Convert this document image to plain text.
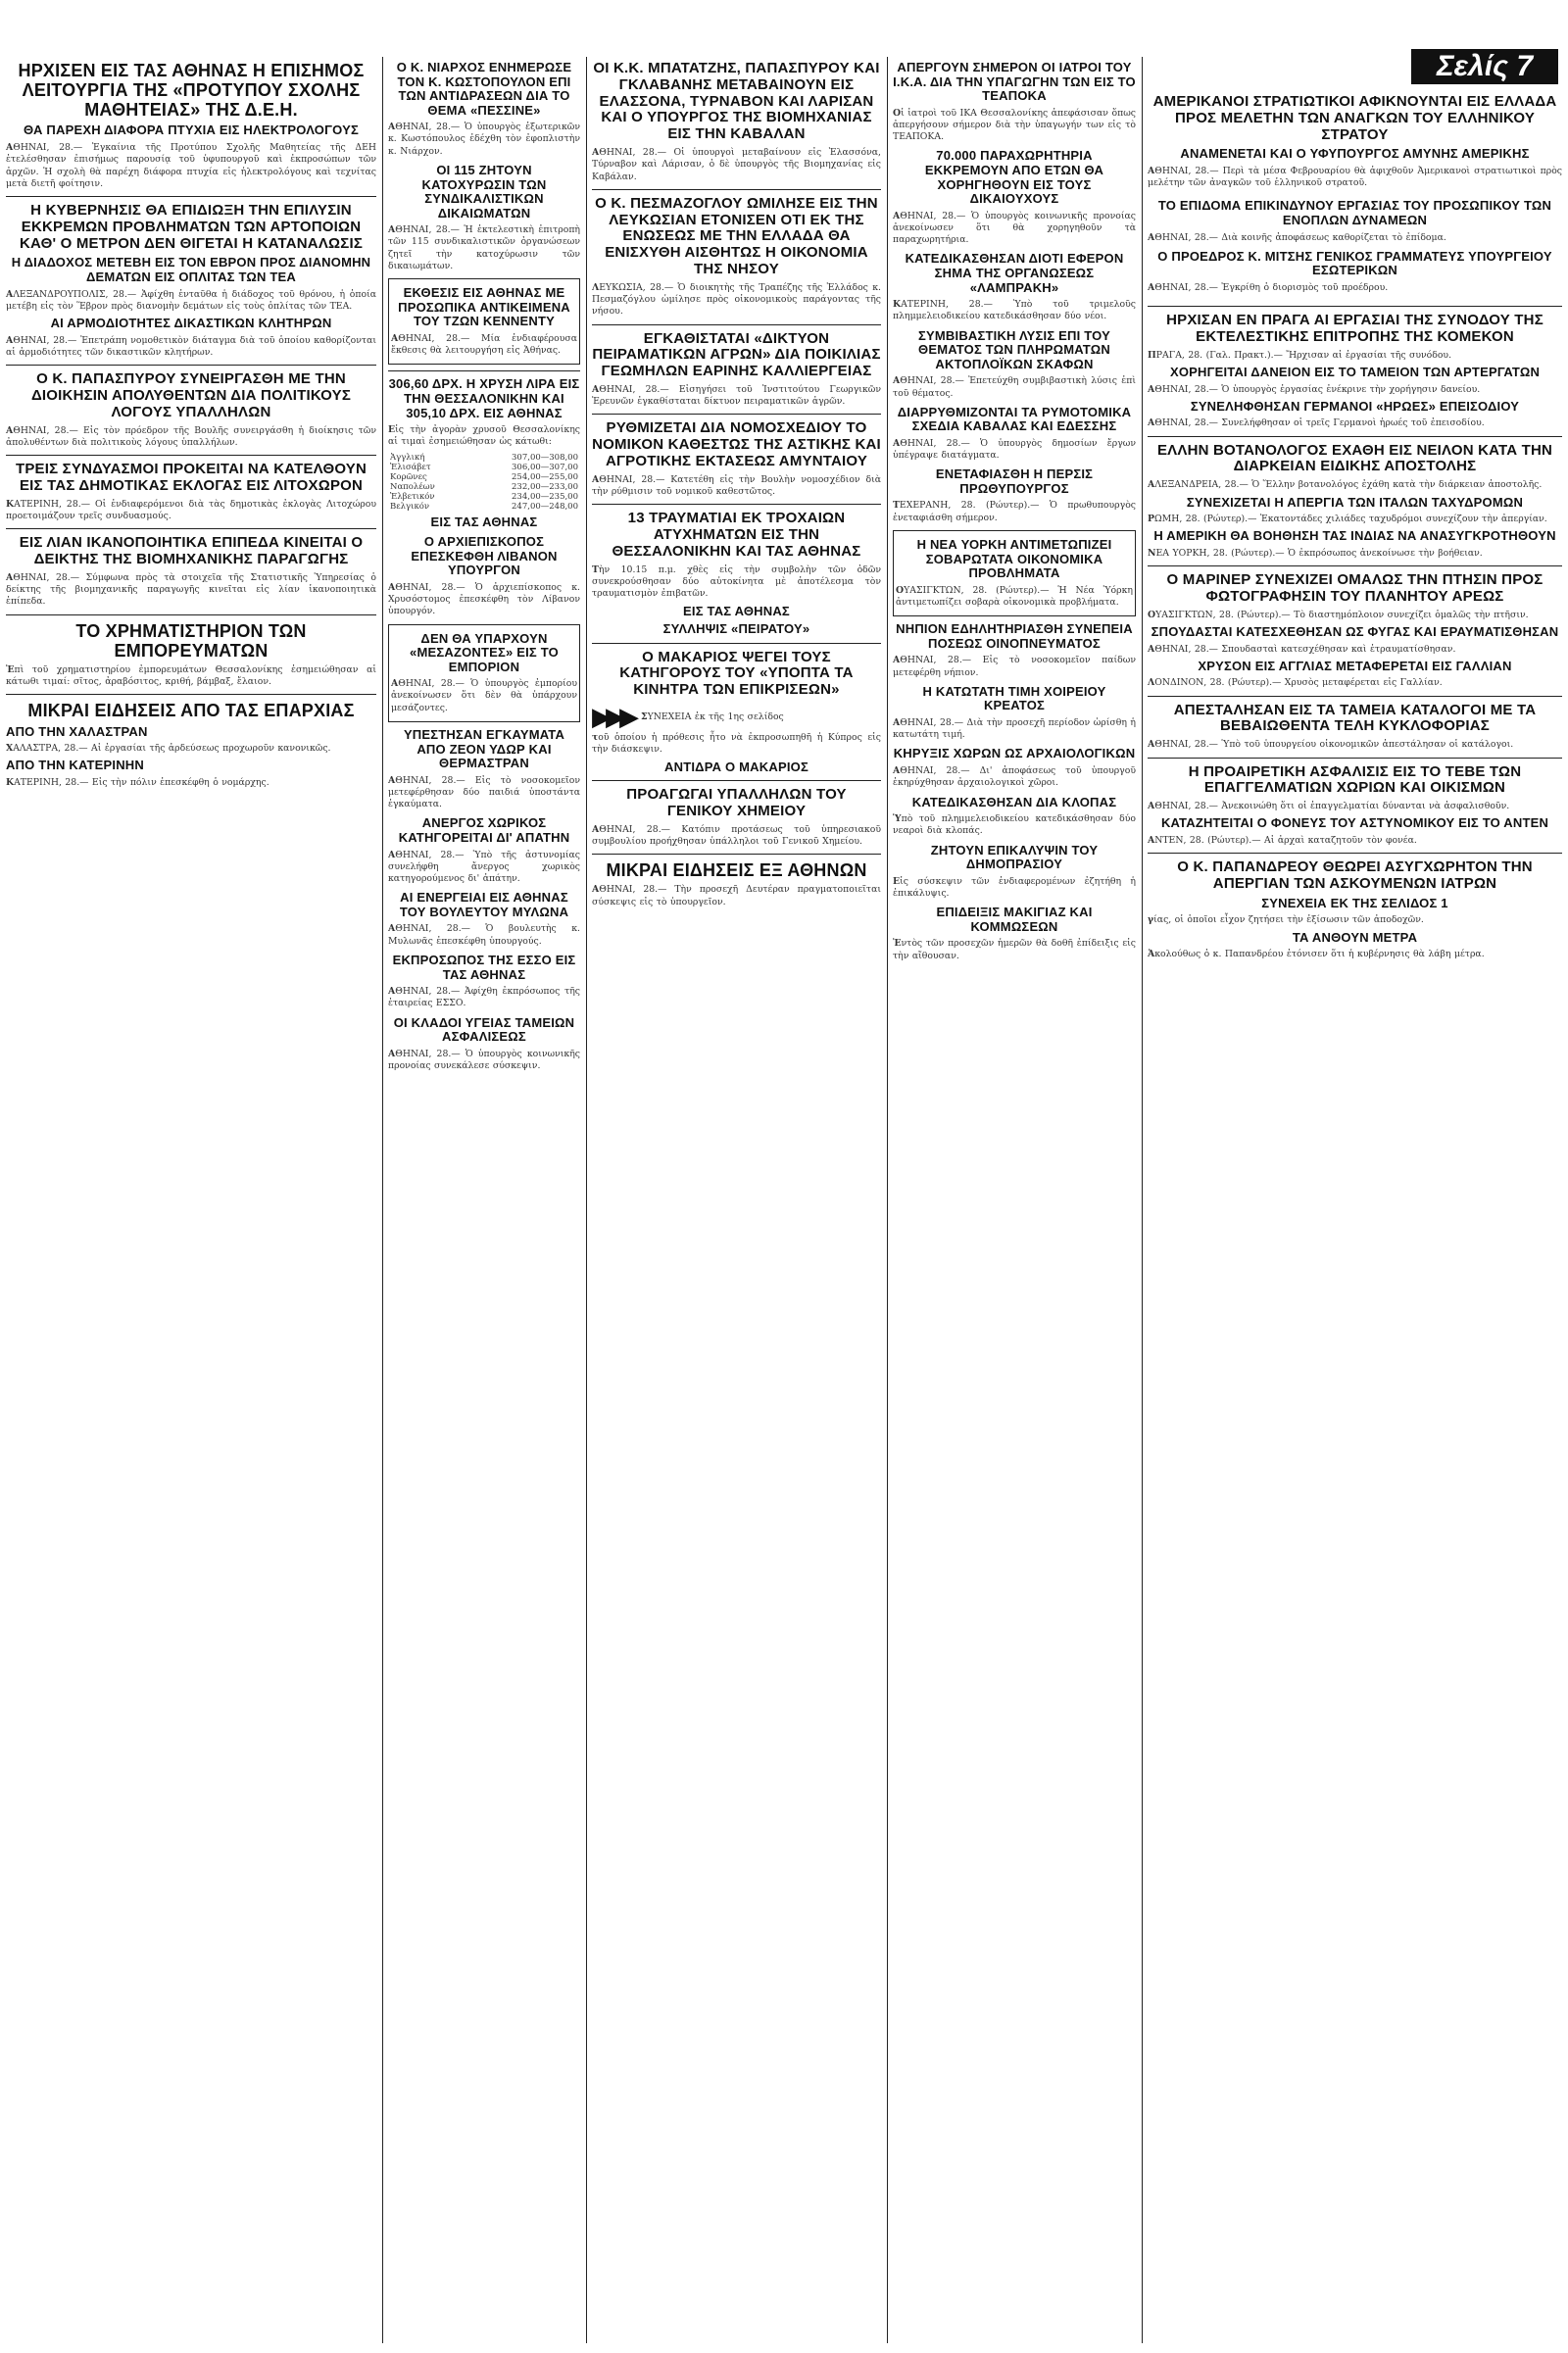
Σελίς 7
ΗΡΧΙΣΕΝ ΕΙΣ ΤΑΣ ΑΘΗΝΑΣ Η ΕΠΙΣΗΜΟΣ ΛΕΙΤΟΥΡΓΙΑ ΤΗΣ «ΠΡΟΤΥΠΟΥ ΣΧΟΛΗΣ ΜΑΘΗΤΕΙΑΣ» ΤΗΣ Δ.Ε.Η.
ΘΑ ΠΑΡΕΧΗ ΔΙΑΦΟΡΑ ΠΤΥΧΙΑ ΕΙΣ ΗΛΕΚΤΡΟΛΟΓΟΥΣ

ΑΘΗΝΑΙ, 28.— Ἐγκαίνια τῆς Προτύπου Σχολῆς Μαθητείας τῆς ΔΕΗ ἐτελέσθησαν ἐπισήμως παρουσίᾳ τοῦ ὑφυπουργοῦ καὶ ἐκπροσώπων τῶν ἀρχῶν. Ἡ σχολὴ θὰ παρέχη διάφορα πτυχία εἰς ἠλεκτρολόγους καὶ τεχνίτας μετὰ διετῆ φοίτησιν.

Η ΚΥΒΕΡΝΗΣΙΣ ΘΑ ΕΠΙΔΙΩΞΗ ΤΗΝ ΕΠΙΛΥΣΙΝ ΕΚΚΡΕΜΩΝ ΠΡΟΒΛΗΜΑΤΩΝ ΤΩΝ ΑΡΤΟΠΟΙΩΝ ΚΑΘ' Ο ΜΕΤΡΟΝ ΔΕΝ ΘΙΓΕΤΑΙ Η ΚΑΤΑΝΑΛΩΣΙΣ
Η ΔΙΑΔΟΧΟΣ ΜΕΤΕΒΗ ΕΙΣ ΤΟΝ ΕΒΡΟΝ ΠΡΟΣ ΔΙΑΝΟΜΗΝ ΔΕΜΑΤΩΝ ΕΙΣ ΟΠΛΙΤΑΣ ΤΩΝ ΤΕΑ

ΑΛΕΞΑΝΔΡΟΥΠΟΛΙΣ, 28.— Ἀφίχθη ἐνταῦθα ἡ διάδοχος τοῦ θρόνου, ἡ ὁποία μετέβη εἰς τὸν Ἕβρον πρὸς διανομὴν δεμάτων εἰς τοὺς ὁπλίτας τῶν ΤΕΑ.

ΑΙ ΑΡΜΟΔΙΟΤΗΤΕΣ ΔΙΚΑΣΤΙΚΩΝ ΚΛΗΤΗΡΩΝ

ΑΘΗΝΑΙ, 28.— Ἐπετράπη νομοθετικὸν διάταγμα διὰ τοῦ ὁποίου καθορίζονται αἱ ἁρμοδιότητες τῶν δικαστικῶν κλητήρων.

Ο Κ. ΠΑΠΑΣΠΥΡΟΥ ΣΥΝΕΙΡΓΑΣΘΗ ΜΕ ΤΗΝ ΔΙΟΙΚΗΣΙΝ ΑΠΟΛΥΘΕΝΤΩΝ ΔΙΑ ΠΟΛΙΤΙΚΟΥΣ ΛΟΓΟΥΣ ΥΠΑΛΛΗΛΩΝ

ΑΘΗΝΑΙ, 28.— Εἰς τὸν πρόεδρον τῆς Βουλῆς συνειργάσθη ἡ διοίκησις τῶν ἀπολυθέντων διὰ πολιτικοὺς λόγους ὑπαλλήλων.

ΤΡΕΙΣ ΣΥΝΔΥΑΣΜΟΙ ΠΡΟΚΕΙΤΑΙ ΝΑ ΚΑΤΕΛΘΟΥΝ ΕΙΣ ΤΑΣ ΔΗΜΟΤΙΚΑΣ ΕΚΛΟΓΑΣ ΕΙΣ ΛΙΤΟΧΩΡΟΝ

ΚΑΤΕΡΙΝΗ, 28.— Οἱ ἐνδιαφερόμενοι διὰ τὰς δημοτικὰς ἐκλογὰς Λιτοχώρου προετοιμάζουν τρεῖς συνδυασμούς.

ΕΙΣ ΛΙΑΝ ΙΚΑΝΟΠΟΙΗΤΙΚΑ ΕΠΙΠΕΔΑ ΚΙΝΕΙΤΑΙ Ο ΔΕΙΚΤΗΣ ΤΗΣ ΒΙΟΜΗΧΑΝΙΚΗΣ ΠΑΡΑΓΩΓΗΣ

ΑΘΗΝΑΙ, 28.— Σύμφωνα πρὸς τὰ στοιχεῖα τῆς Στατιστικῆς Ὑπηρεσίας ὁ δείκτης τῆς βιομηχανικῆς παραγωγῆς κινεῖται εἰς λίαν ἱκανοποιητικὰ ἐπίπεδα.

ΤΟ ΧΡΗΜΑΤΙΣΤΗΡΙΟΝ ΤΩΝ ΕΜΠΟΡΕΥΜΑΤΩΝ

Ἐπὶ τοῦ χρηματιστηρίου ἐμπορευμάτων Θεσσαλονίκης ἐσημειώθησαν αἱ κάτωθι τιμαί: σῖτος, ἀραβόσιτος, κριθή, βάμβαξ, ἔλαιον.

ΜΙΚΡΑΙ ΕΙΔΗΣΕΙΣ ΑΠΟ ΤΑΣ ΕΠΑΡΧΙΑΣ
ΑΠΟ ΤΗΝ ΧΑΛΑΣΤΡΑΝ

ΧΑΛΑΣΤΡΑ, 28.— Αἱ ἐργασίαι τῆς ἀρδεύσεως προχωροῦν κανονικῶς.

ΑΠΟ ΤΗΝ ΚΑΤΕΡΙΝΗΝ

ΚΑΤΕΡΙΝΗ, 28.— Εἰς τὴν πόλιν ἐπεσκέφθη ὁ νομάρχης.

Ο Κ. ΝΙΑΡΧΟΣ ΕΝΗΜΕΡΩΣΕ ΤΟΝ Κ. ΚΩΣΤΟΠΟΥΛΟΝ ΕΠΙ ΤΩΝ ΑΝΤΙΔΡΑΣΕΩΝ ΔΙΑ ΤΟ ΘΕΜΑ «ΠΕΣΣΙΝΕ»

ΑΘΗΝΑΙ, 28.— Ὁ ὑπουργὸς ἐξωτερικῶν κ. Κωστόπουλος ἐδέχθη τὸν ἐφοπλιστὴν κ. Νιάρχον.

ΟΙ 115 ΖΗΤΟΥΝ ΚΑΤΟΧΥΡΩΣΙΝ ΤΩΝ ΣΥΝΔΙΚΑΛΙΣΤΙΚΩΝ ΔΙΚΑΙΩΜΑΤΩΝ

ΑΘΗΝΑΙ, 28.— Ἡ ἐκτελεστικὴ ἐπιτροπὴ τῶν 115 συνδικαλιστικῶν ὀργανώσεων ζητεῖ τὴν κατοχύρωσιν τῶν δικαιωμάτων.

ΕΚΘΕΣΙΣ ΕΙΣ ΑΘΗΝΑΣ ΜΕ ΠΡΟΣΩΠΙΚΑ ΑΝΤΙΚΕΙΜΕΝΑ ΤΟΥ ΤΖΩΝ ΚΕΝΝΕΝΤΥ

ΑΘΗΝΑΙ, 28.— Μία ἐνδιαφέρουσα ἔκθεσις θὰ λειτουργήση εἰς Ἀθήνας.

306,60 ΔΡΧ. Η ΧΡΥΣΗ ΛΙΡΑ ΕΙΣ ΤΗΝ ΘΕΣΣΑΛΟΝΙΚΗΝ ΚΑΙ 305,10 ΔΡΧ. ΕΙΣ ΑΘΗΝΑΣ

Εἰς τὴν ἀγορὰν χρυσοῦ Θεσσαλονίκης αἱ τιμαὶ ἐσημειώθησαν ὡς κάτωθι:

Ἀγγλική	307,00—308,00
Ἐλισάβετ	306,00—307,00
Κορῶνες	254,00—255,00
Ναπολέων	232,00—233,00
Ἐλβετικόν	234,00—235,00
Βελγικόν	247,00—248,00
ΕΙΣ ΤΑΣ ΑΘΗΝΑΣ
Ο ΑΡΧΙΕΠΙΣΚΟΠΟΣ ΕΠΕΣΚΕΦΘΗ ΛΙΒΑΝΟΝ ΥΠΟΥΡΓΟΝ

ΑΘΗΝΑΙ, 28.— Ὁ ἀρχιεπίσκοπος κ. Χρυσόστομος ἐπεσκέφθη τὸν Λίβανον ὑπουργόν.

ΔΕΝ ΘΑ ΥΠΑΡΧΟΥΝ «ΜΕΣΑΖΟΝΤΕΣ» ΕΙΣ ΤΟ ΕΜΠΟΡΙΟΝ

ΑΘΗΝΑΙ, 28.— Ὁ ὑπουργὸς ἐμπορίου ἀνεκοίνωσεν ὅτι δὲν θὰ ὑπάρχουν μεσάζοντες.

ΥΠΕΣΤΗΣΑΝ ΕΓΚΑΥΜΑΤΑ ΑΠΟ ΖΕΟΝ ΥΔΩΡ ΚΑΙ ΘΕΡΜΑΣΤΡΑΝ

ΑΘΗΝΑΙ, 28.— Εἰς τὸ νοσοκομεῖον μετεφέρθησαν δύο παιδιά ὑποστάντα ἐγκαύματα.

ΑΝΕΡΓΟΣ ΧΩΡΙΚΟΣ ΚΑΤΗΓΟΡΕΙΤΑΙ ΔΙ' ΑΠΑΤΗΝ

ΑΘΗΝΑΙ, 28.— Ὑπὸ τῆς ἀστυνομίας συνελήφθη ἄνεργος χωρικὸς κατηγορούμενος δι' ἀπάτην.

ΑΙ ΕΝΕΡΓΕΙΑΙ ΕΙΣ ΑΘΗΝΑΣ ΤΟΥ ΒΟΥΛΕΥΤΟΥ ΜΥΛΩΝΑ

ΑΘΗΝΑΙ, 28.— Ὁ βουλευτὴς κ. Μυλωνᾶς ἐπεσκέφθη ὑπουργούς.

ΕΚΠΡΟΣΩΠΟΣ ΤΗΣ ΕΣΣΟ ΕΙΣ ΤΑΣ ΑΘΗΝΑΣ

ΑΘΗΝΑΙ, 28.— Ἀφίχθη ἐκπρόσωπος τῆς ἑταιρείας ΕΣΣΟ.

ΟΙ ΚΛΑΔΟΙ ΥΓΕΙΑΣ ΤΑΜΕΙΩΝ ΑΣΦΑΛΙΣΕΩΣ

ΑΘΗΝΑΙ, 28.— Ὁ ὑπουργὸς κοινωνικῆς προνοίας συνεκάλεσε σύσκεψιν.

ΟΙ Κ.Κ. ΜΠΑΤΑΤΖΗΣ, ΠΑΠΑΣΠΥΡΟΥ ΚΑΙ ΓΚΛΑΒΑΝΗΣ ΜΕΤΑΒΑΙΝΟΥΝ ΕΙΣ ΕΛΑΣΣΟΝΑ, ΤΥΡΝΑΒΟΝ ΚΑΙ ΛΑΡΙΣΑΝ ΚΑΙ Ο ΥΠΟΥΡΓΟΣ ΤΗΣ ΒΙΟΜΗΧΑΝΙΑΣ ΕΙΣ ΤΗΝ ΚΑΒΑΛΑΝ

ΑΘΗΝΑΙ, 28.— Οἱ ὑπουργοὶ μεταβαίνουν εἰς Ἐλασσόνα, Τύρναβον καὶ Λάρισαν, ὁ δὲ ὑπουργὸς τῆς Βιομηχανίας εἰς Καβάλαν.

Ο Κ. ΠΕΣΜΑΖΟΓΛΟΥ ΩΜΙΛΗΣΕ ΕΙΣ ΤΗΝ ΛΕΥΚΩΣΙΑΝ ΕΤΟΝΙΣΕΝ ΟΤΙ ΕΚ ΤΗΣ ΕΝΩΣΕΩΣ ΜΕ ΤΗΝ ΕΛΛΑΔΑ ΘΑ ΕΝΙΣΧΥΘΗ ΑΙΣΘΗΤΩΣ Η ΟΙΚΟΝΟΜΙΑ ΤΗΣ ΝΗΣΟΥ

ΛΕΥΚΩΣΙΑ, 28.— Ὁ διοικητὴς τῆς Τραπέζης τῆς Ἑλλάδος κ. Πεσμαζόγλου ὡμίλησε πρὸς οἰκονομικοὺς παράγοντας τῆς νήσου.

ΕΓΚΑΘΙΣΤΑΤΑΙ «ΔΙΚΤΥΟΝ ΠΕΙΡΑΜΑΤΙΚΩΝ ΑΓΡΩΝ» ΔΙΑ ΠΟΙΚΙΛΙΑΣ ΓΕΩΜΗΛΩΝ ΕΑΡΙΝΗΣ ΚΑΛΛΙΕΡΓΕΙΑΣ

ΑΘΗΝΑΙ, 28.— Εἰσηγήσει τοῦ Ἰνστιτούτου Γεωργικῶν Ἐρευνῶν ἐγκαθίσταται δίκτυον πειραματικῶν ἀγρῶν.

ΡΥΘΜΙΖΕΤΑΙ ΔΙΑ ΝΟΜΟΣΧΕΔΙΟΥ ΤΟ ΝΟΜΙΚΟΝ ΚΑΘΕΣΤΩΣ ΤΗΣ ΑΣΤΙΚΗΣ ΚΑΙ ΑΓΡΟΤΙΚΗΣ ΕΚΤΑΣΕΩΣ ΑΜΥΝΤΑΙΟΥ

ΑΘΗΝΑΙ, 28.— Κατετέθη εἰς τὴν Βουλὴν νομοσχέδιον διὰ τὴν ρύθμισιν τοῦ νομικοῦ καθεστῶτος.

13 ΤΡΑΥΜΑΤΙΑΙ ΕΚ ΤΡΟΧΑΙΩΝ ΑΤΥΧΗΜΑΤΩΝ ΕΙΣ ΤΗΝ ΘΕΣΣΑΛΟΝΙΚΗΝ ΚΑΙ ΤΑΣ ΑΘΗΝΑΣ

Τὴν 10.15 π.μ. χθὲς εἰς τὴν συμβολὴν τῶν ὁδῶν συνεκρούσθησαν δύο αὐτοκίνητα μὲ ἀποτέλεσμα τὸν τραυματισμὸν ἐπιβατῶν.

ΕΙΣ ΤΑΣ ΑΘΗΝΑΣ
ΣΥΛΛΗΨΙΣ «ΠΕΙΡΑΤΟΥ»
Ο ΜΑΚΑΡΙΟΣ ΨΕΓΕΙ ΤΟΥΣ ΚΑΤΗΓΟΡΟΥΣ ΤΟΥ «ΥΠΟΠΤΑ ΤΑ ΚΙΝΗΤΡΑ ΤΩΝ ΕΠΙΚΡΙΣΕΩΝ»
▶▶▶ ΣΥΝΕΧΕΙΑ ἐκ τῆς 1ης σελίδος

τοῦ ὁποίου ἡ πρόθεσις ἦτο νὰ ἐκπροσωπηθῆ ἡ Κύπρος εἰς τὴν διάσκεψιν.

ΑΝΤΙΔΡΑ Ο ΜΑΚΑΡΙΟΣ
ΠΡΟΑΓΩΓΑΙ ΥΠΑΛΛΗΛΩΝ ΤΟΥ ΓΕΝΙΚΟΥ ΧΗΜΕΙΟΥ

ΑΘΗΝΑΙ, 28.— Κατόπιν προτάσεως τοῦ ὑπηρεσιακοῦ συμβουλίου προήχθησαν ὑπάλληλοι τοῦ Γενικοῦ Χημείου.

ΜΙΚΡΑΙ ΕΙΔΗΣΕΙΣ ΕΞ ΑΘΗΝΩΝ

ΑΘΗΝΑΙ, 28.— Τὴν προσεχῆ Δευτέραν πραγματοποιεῖται σύσκεψις εἰς τὸ ὑπουργεῖον.

ΑΠΕΡΓΟΥΝ ΣΗΜΕΡΟΝ ΟΙ ΙΑΤΡΟΙ ΤΟΥ Ι.Κ.Α. ΔΙΑ ΤΗΝ ΥΠΑΓΩΓΗΝ ΤΩΝ ΕΙΣ ΤΟ ΤΕΑΠΟΚΑ

Οἱ ἰατροὶ τοῦ ΙΚΑ Θεσσαλονίκης ἀπεφάσισαν ὅπως ἀπεργήσουν σήμερον διὰ τὴν ὑπαγωγήν των εἰς τὸ ΤΕΑΠΟΚΑ.

70.000 ΠΑΡΑΧΩΡΗΤΗΡΙΑ ΕΚΚΡΕΜΟΥΝ ΑΠΟ ΕΤΩΝ ΘΑ ΧΟΡΗΓΗΘΟΥΝ ΕΙΣ ΤΟΥΣ ΔΙΚΑΙΟΥΧΟΥΣ

ΑΘΗΝΑΙ, 28.— Ὁ ὑπουργὸς κοινωνικῆς προνοίας ἀνεκοίνωσεν ὅτι θὰ χορηγηθοῦν τὰ παραχωρητήρια.

ΚΑΤΕΔΙΚΑΣΘΗΣΑΝ ΔΙΟΤΙ ΕΦΕΡΟΝ ΣΗΜΑ ΤΗΣ ΟΡΓΑΝΩΣΕΩΣ «ΛΑΜΠΡΑΚΗ»

ΚΑΤΕΡΙΝΗ, 28.— Ὑπὸ τοῦ τριμελοῦς πλημμελειοδικείου κατεδικάσθησαν δύο νέοι.

ΣΥΜΒΙΒΑΣΤΙΚΗ ΛΥΣΙΣ ΕΠΙ ΤΟΥ ΘΕΜΑΤΟΣ ΤΩΝ ΠΛΗΡΩΜΑΤΩΝ ΑΚΤΟΠΛΟΪΚΩΝ ΣΚΑΦΩΝ

ΑΘΗΝΑΙ, 28.— Ἐπετεύχθη συμβιβαστικὴ λύσις ἐπὶ τοῦ θέματος.

ΔΙΑΡΡΥΘΜΙΖΟΝΤΑΙ ΤΑ ΡΥΜΟΤΟΜΙΚΑ ΣΧΕΔΙΑ ΚΑΒΑΛΑΣ ΚΑΙ ΕΔΕΣΣΗΣ

ΑΘΗΝΑΙ, 28.— Ὁ ὑπουργὸς δημοσίων ἔργων ὑπέγραψε διατάγματα.

ΕΝΕΤΑΦΙΑΣΘΗ Η ΠΕΡΣΙΣ ΠΡΩΘΥΠΟΥΡΓΟΣ

ΤΕΧΕΡΑΝΗ, 28. (Ρώυτερ).— Ὁ πρωθυπουργὸς ἐνεταφιάσθη σήμερον.

Η ΝΕΑ ΥΟΡΚΗ ΑΝΤΙΜΕΤΩΠΙΖΕΙ ΣΟΒΑΡΩΤΑΤΑ ΟΙΚΟΝΟΜΙΚΑ ΠΡΟΒΛΗΜΑΤΑ

ΟΥΑΣΙΓΚΤΩΝ, 28. (Ρώυτερ).— Ἡ Νέα Ὑόρκη ἀντιμετωπίζει σοβαρὰ οἰκονομικὰ προβλήματα.

ΝΗΠΙΟΝ ΕΔΗΛΗΤΗΡΙΑΣΘΗ ΣΥΝΕΠΕΙΑ ΠΟΣΕΩΣ ΟΙΝΟΠΝΕΥΜΑΤΟΣ

ΑΘΗΝΑΙ, 28.— Εἰς τὸ νοσοκομεῖον παίδων μετεφέρθη νήπιον.

Η ΚΑΤΩΤΑΤΗ ΤΙΜΗ ΧΟΙΡΕΙΟΥ ΚΡΕΑΤΟΣ

ΑΘΗΝΑΙ, 28.— Διὰ τὴν προσεχῆ περίοδον ὡρίσθη ἡ κατωτάτη τιμή.

ΚΗΡΥΞΙΣ ΧΩΡΩΝ ΩΣ ΑΡΧΑΙΟΛΟΓΙΚΩΝ

ΑΘΗΝΑΙ, 28.— Δι' ἀποφάσεως τοῦ ὑπουργοῦ ἐκηρύχθησαν ἀρχαιολογικοὶ χῶροι.

ΚΑΤΕΔΙΚΑΣΘΗΣΑΝ ΔΙΑ ΚΛΟΠΑΣ

Ὑπὸ τοῦ πλημμελειοδικείου κατεδικάσθησαν δύο νεαροὶ διὰ κλοπάς.

ΖΗΤΟΥΝ ΕΠΙΚΑΛΥΨΙΝ ΤΟΥ ΔΗΜΟΠΡΑΣΙΟΥ

Εἰς σύσκεψιν τῶν ἐνδιαφερομένων ἐζητήθη ἡ ἐπικάλυψις.

ΕΠΙΔΕΙΞΙΣ ΜΑΚΙΓΙΑΖ ΚΑΙ ΚΟΜΜΩΣΕΩΝ

Ἐντὸς τῶν προσεχῶν ἡμερῶν θὰ δοθῆ ἐπίδειξις εἰς τὴν αἴθουσαν.

ΑΜΕΡΙΚΑΝΟΙ ΣΤΡΑΤΙΩΤΙΚΟΙ ΑΦΙΚΝΟΥΝΤΑΙ ΕΙΣ ΕΛΛΑΔΑ ΠΡΟΣ ΜΕΛΕΤΗΝ ΤΩΝ ΑΝΑΓΚΩΝ ΤΟΥ ΕΛΛΗΝΙΚΟΥ ΣΤΡΑΤΟΥ
ΑΝΑΜΕΝΕΤΑΙ ΚΑΙ Ο ΥΦΥΠΟΥΡΓΟΣ ΑΜΥΝΗΣ ΑΜΕΡΙΚΗΣ

ΑΘΗΝΑΙ, 28.— Περὶ τὰ μέσα Φεβρουαρίου θὰ ἀφιχθοῦν Ἀμερικανοὶ στρατιωτικοὶ πρὸς μελέτην τῶν ἀναγκῶν τοῦ ἑλληνικοῦ στρατοῦ.

ΤΟ ΕΠΙΔΟΜΑ ΕΠΙΚΙΝΔΥΝΟΥ ΕΡΓΑΣΙΑΣ ΤΟΥ ΠΡΟΣΩΠΙΚΟΥ ΤΩΝ ΕΝΟΠΛΩΝ ΔΥΝΑΜΕΩΝ

ΑΘΗΝΑΙ, 28.— Διὰ κοινῆς ἀποφάσεως καθορίζεται τὸ ἐπίδομα.

Ο ΠΡΟΕΔΡΟΣ Κ. ΜΙΤΣΗΣ ΓΕΝΙΚΟΣ ΓΡΑΜΜΑΤΕΥΣ ΥΠΟΥΡΓΕΙΟΥ ΕΣΩΤΕΡΙΚΩΝ

ΑΘΗΝΑΙ, 28.— Ἐγκρίθη ὁ διορισμὸς τοῦ προέδρου.

ΗΡΧΙΣΑΝ ΕΝ ΠΡΑΓΑ ΑΙ ΕΡΓΑΣΙΑΙ ΤΗΣ ΣΥΝΟΔΟΥ ΤΗΣ ΕΚΤΕΛΕΣΤΙΚΗΣ ΕΠΙΤΡΟΠΗΣ ΤΗΣ ΚΟΜΕΚΟΝ

ΠΡΑΓΑ, 28. (Γαλ. Πρακτ.).— Ἤρχισαν αἱ ἐργασίαι τῆς συνόδου.

ΧΟΡΗΓΕΙΤΑΙ ΔΑΝΕΙΟΝ ΕΙΣ ΤΟ ΤΑΜΕΙΟΝ ΤΩΝ ΑΡΤΕΡΓΑΤΩΝ

ΑΘΗΝΑΙ, 28.— Ὁ ὑπουργὸς ἐργασίας ἐνέκρινε τὴν χορήγησιν δανείου.

ΣΥΝΕΛΗΦΘΗΣΑΝ ΓΕΡΜΑΝΟΙ «ΗΡΩΕΣ» ΕΠΕΙΣΟΔΙΟΥ

ΑΘΗΝΑΙ, 28.— Συνελήφθησαν οἱ τρεῖς Γερμανοὶ ἡρωές τοῦ ἐπεισοδίου.

ΕΛΛΗΝ ΒΟΤΑΝΟΛΟΓΟΣ ΕΧΑΘΗ ΕΙΣ ΝΕΙΛΟΝ ΚΑΤΑ ΤΗΝ ΔΙΑΡΚΕΙΑΝ ΕΙΔΙΚΗΣ ΑΠΟΣΤΟΛΗΣ

ΑΛΕΞΑΝΔΡΕΙΑ, 28.— Ὁ Ἕλλην βοτανολόγος ἐχάθη κατὰ τὴν διάρκειαν ἀποστολῆς.

ΣΥΝΕΧΙΖΕΤΑΙ Η ΑΠΕΡΓΙΑ ΤΩΝ ΙΤΑΛΩΝ ΤΑΧΥΔΡΟΜΩΝ

ΡΩΜΗ, 28. (Ρώυτερ).— Ἐκατοντάδες χιλιάδες ταχυδρόμοι συνεχίζουν τὴν ἀπεργίαν.

Η ΑΜΕΡΙΚΗ ΘΑ ΒΟΗΘΗΣΗ ΤΑΣ ΙΝΔΙΑΣ ΝΑ ΑΝΑΣΥΓΚΡΟΤΗΘΟΥΝ

ΝΕΑ ΥΟΡΚΗ, 28. (Ρώυτερ).— Ὁ ἐκπρόσωπος ἀνεκοίνωσε τὴν βοήθειαν.

Ο ΜΑΡΙΝΕΡ ΣΥΝΕΧΙΖΕΙ ΟΜΑΛΩΣ ΤΗΝ ΠΤΗΣΙΝ ΠΡΟΣ ΦΩΤΟΓΡΑΦΗΣΙΝ ΤΟΥ ΠΛΑΝΗΤΟΥ ΑΡΕΩΣ

ΟΥΑΣΙΓΚΤΩΝ, 28. (Ρώυτερ).— Τὸ διαστημόπλοιον συνεχίζει ὁμαλῶς τὴν πτῆσιν.

ΣΠΟΥΔΑΣΤΑΙ ΚΑΤΕΣΧΕΘΗΣΑΝ ΩΣ ΦΥΓΑΣ ΚΑΙ ΕΡΑΥΜΑΤΙΣΘΗΣΑΝ

ΑΘΗΝΑΙ, 28.— Σπουδασταὶ κατεσχέθησαν καὶ ἐτραυματίσθησαν.

ΧΡΥΣΟΝ ΕΙΣ ΑΓΓΛΙΑΣ ΜΕΤΑΦΕΡΕΤΑΙ ΕΙΣ ΓΑΛΛΙΑΝ

ΛΟΝΔΙΝΟΝ, 28. (Ρώυτερ).— Χρυσὸς μεταφέρεται εἰς Γαλλίαν.

ΑΠΕΣΤΑΛΗΣΑΝ ΕΙΣ ΤΑ ΤΑΜΕΙΑ ΚΑΤΑΛΟΓΟΙ ΜΕ ΤΑ ΒΕΒΑΙΩΘΕΝΤΑ ΤΕΛΗ ΚΥΚΛΟΦΟΡΙΑΣ

ΑΘΗΝΑΙ, 28.— Ὑπὸ τοῦ ὑπουργείου οἰκονομικῶν ἀπεστάλησαν οἱ κατάλογοι.

Η ΠΡΟΑΙΡΕΤΙΚΗ ΑΣΦΑΛΙΣΙΣ ΕΙΣ ΤΟ ΤΕΒΕ ΤΩΝ ΕΠΑΓΓΕΛΜΑΤΙΩΝ ΧΩΡΙΩΝ ΚΑΙ ΟΙΚΙΣΜΩΝ

ΑΘΗΝΑΙ, 28.— Ἀνεκοινώθη ὅτι οἱ ἐπαγγελματίαι δύνανται νὰ ἀσφαλισθοῦν.

ΚΑΤΑΖΗΤΕΙΤΑΙ Ο ΦΟΝΕΥΣ ΤΟΥ ΑΣΤΥΝΟΜΙΚΟΥ ΕΙΣ ΤΟ ΑΝΤΕΝ

ΑΝΤΕΝ, 28. (Ρώυτερ).— Αἱ ἀρχαὶ καταζητοῦν τὸν φονέα.

Ο Κ. ΠΑΠΑΝΔΡΕΟΥ ΘΕΩΡΕΙ ΑΣΥΓΧΩΡΗΤΟΝ ΤΗΝ ΑΠΕΡΓΙΑΝ ΤΩΝ ΑΣΚΟΥΜΕΝΩΝ ΙΑΤΡΩΝ
ΣΥΝΕΧΕΙΑ ΕΚ ΤΗΣ ΣΕΛΙΔΟΣ 1

γίας, οἱ ὁποῖοι εἶχον ζητήσει τὴν ἐξίσωσιν τῶν ἀποδοχῶν.

ΤΑ ΑΝΘΟΥΝ ΜΕΤΡΑ

Ἀκολούθως ὁ κ. Παπανδρέου ἐτόνισεν ὅτι ἡ κυβέρνησις θὰ λάβη μέτρα.
